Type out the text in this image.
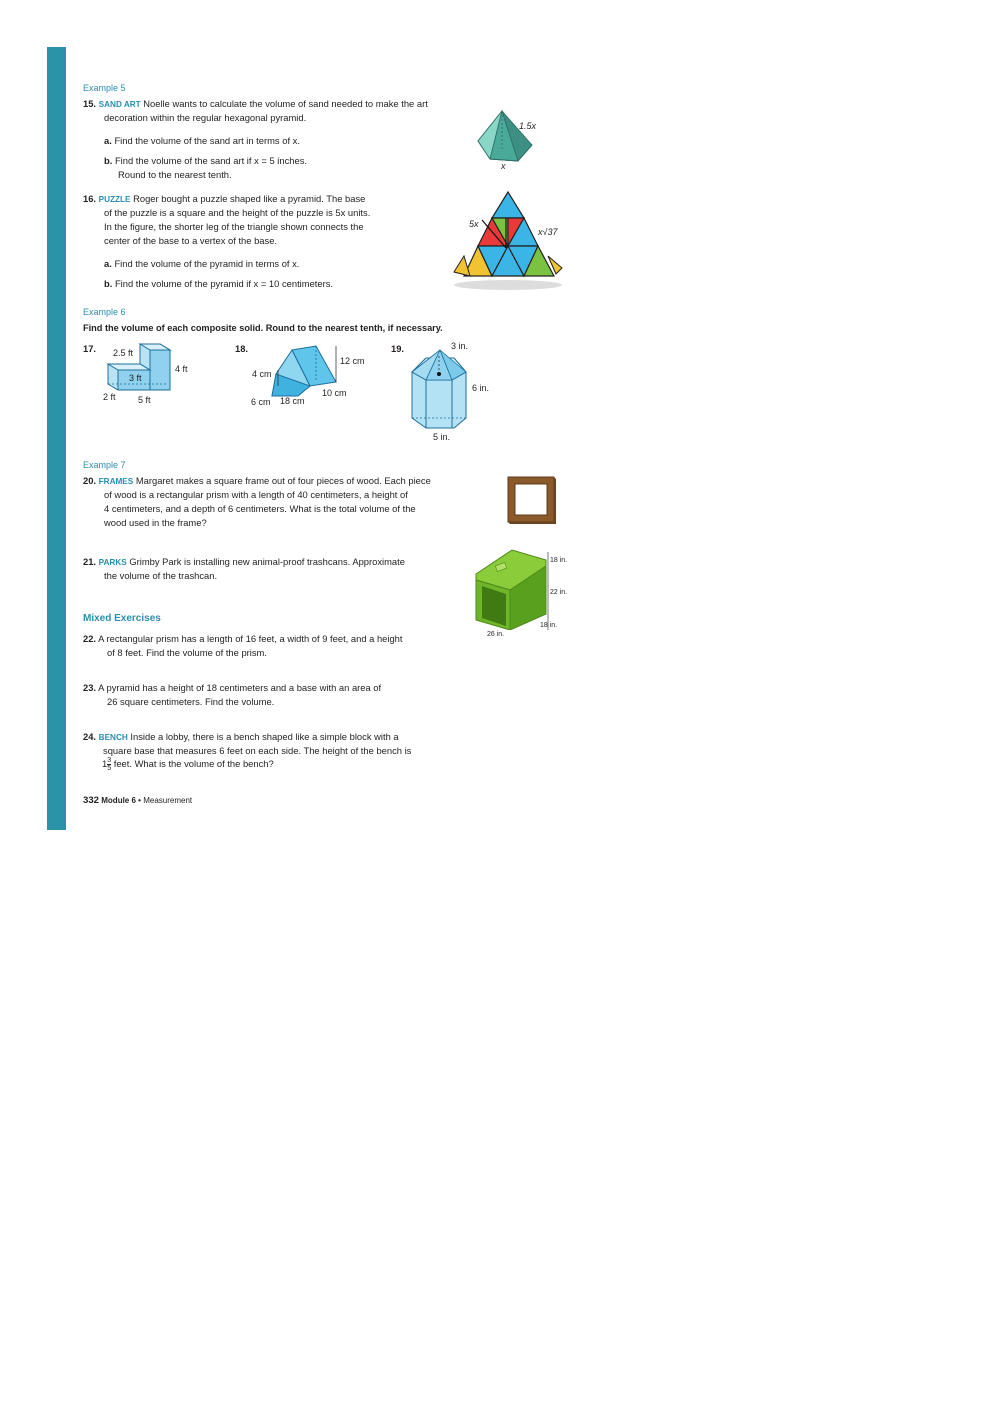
Example 5
15. SAND ART Noelle wants to calculate the volume of sand needed to make the art
decoration within the regular hexagonal pyramid.
a. Find the volume of the sand art in terms of x.
b. Find the volume of the sand art if x = 5 inches.
Round to the nearest tenth.
1.5x
x
16. PUZZLE Roger bought a puzzle shaped like a pyramid. The base
of the puzzle is a square and the height of the puzzle is 5x units.
In the figure, the shorter leg of the triangle shown connects the
center of the base to a vertex of the base.
a. Find the volume of the pyramid in terms of x.
b. Find the volume of the pyramid if x = 10 centimeters.
5x
x√37
Example 6
Find the volume of each composite solid. Round to the nearest tenth, if necessary.
17. 2.5 ft
4 ft
3 ft
2 ft 5 ft
18.
12 cm
4 cm
10 cm
6 cm 18 cm
19.	3 in.
6 in.
5 in.
Example 7
20. FRAMES Margaret makes a square frame out of four pieces of wood. Each piece
of wood is a rectangular prism with a length of 40 centimeters, a height of
4 centimeters, and a depth of 6 centimeters. What is the total volume of the
wood used in the frame?
21. PARKS Grimby Park is installing new animal-proof trashcans. Approximate
the volume of the trashcan.
18 in.
22 in.
18 in.
26 in.
Mixed Exercises
22. A rectangular prism has a length of 16 feet, a width of 9 feet, and a height
of 8 feet. Find the volume of the prism.
23. A pyramid has a height of 18 centimeters and a base with an area of
26 square centimeters. Find the volume.
24. BENCH Inside a lobby, there is a bench shaped like a simple block with a
square base that measures 6 feet on each side. The height of the bench is
$1 \frac{3}{5}$ feet. What is the volume of the bench?
332 Module 6 • Measurement
